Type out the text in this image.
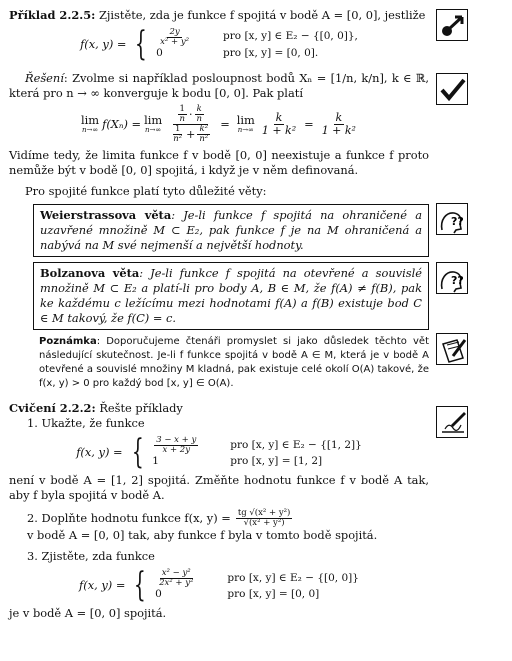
??
??

Příklad 2.2.5: Zjistěte, zda je funkce f spojitá v bodě A = [0, 0], jestliže

f(x, y) = { $\frac{2y}{\text{x² + y²}}$	pro [x, y] ∈ E₂ − {[0, 0]},
0	pro [x, y] = [0, 0].

Řešení: Zvolme si například posloupnost bodů Xₙ = [1/n, k/n], k ∈ ℝ, která pro n → ∞ konverguje k bodu [0, 0]. Pak platí

lim
n→∞ f(Xₙ) = lim
$n\to\infty \frac{\frac{1}{n} \cdot \frac{k}{n}}{\frac{1}{\text{n²}} + \frac{\text{k²}}{\text{n²}}} = \lim$
$n\to\infty \frac{k}{\text{1 + k²}} = \frac{k}{\text{1 + k²}}$

Vidíme tedy, že limita funkce f v bodě [0, 0] neexistuje a funkce f proto nemůže být v bodě [0, 0] spojitá, i když je v něm definovaná.

Pro spojité funkce platí tyto důležité věty:

Weierstrassova věta: Je-li funkce f spojitá na ohraničené a uzavřené množině M ⊂ E₂, pak funkce f je na M ohraničená a nabývá na M své nejmenší a největší hodnoty.
Bolzanova věta: Je-li funkce f spojitá na otevřené a souvislé množině M ⊂ E₂ a platí-li pro body A, B ∈ M, že f(A) ≠ f(B), pak ke každému c ležícímu mezi hodnotami f(A) a f(B) existuje bod C ∈ M takový, že f(C) = c.
Poznámka: Doporučujeme čtenáři promyslet si jako důsledek těchto vět následující skutečnost. Je-li f funkce spojitá v bodě A ∈ M, která je v bodě A otevřené a souvislé množiny M kladná, pak existuje celé okolí O(A) takové, že f(x, y) > 0 pro každý bod [x, y] ∈ O(A).

Cvičení 2.2.2: Řešte příklady

1. Ukažte, že funkce

f(x, y) = { $\frac{3 - x + y}{x + 2y}$	pro [x, y] ∈ E₂ − {[1, 2]}
1	pro [x, y] = [1, 2]

není v bodě A = [1, 2] spojitá. Změňte hodnotu funkce f v bodě A tak, aby f byla spojitá v bodě A.

2. Doplňte hodnotu funkce f(x, $y) = \frac{\text{tg √(x² + y²)}}{\text{√(x² + y²)}}$
v bodě A = [0, 0] tak, aby funkce f byla v tomto bodě spojitá.

3. Zjistěte, zda funkce

f(x, y) = { $\frac{\text{x² − y²}}{\text{2x² + y²}}$	pro [x, y] ∈ E₂ − {[0, 0]}
0	pro [x, y] = [0, 0]

je v bodě A = [0, 0] spojitá.
